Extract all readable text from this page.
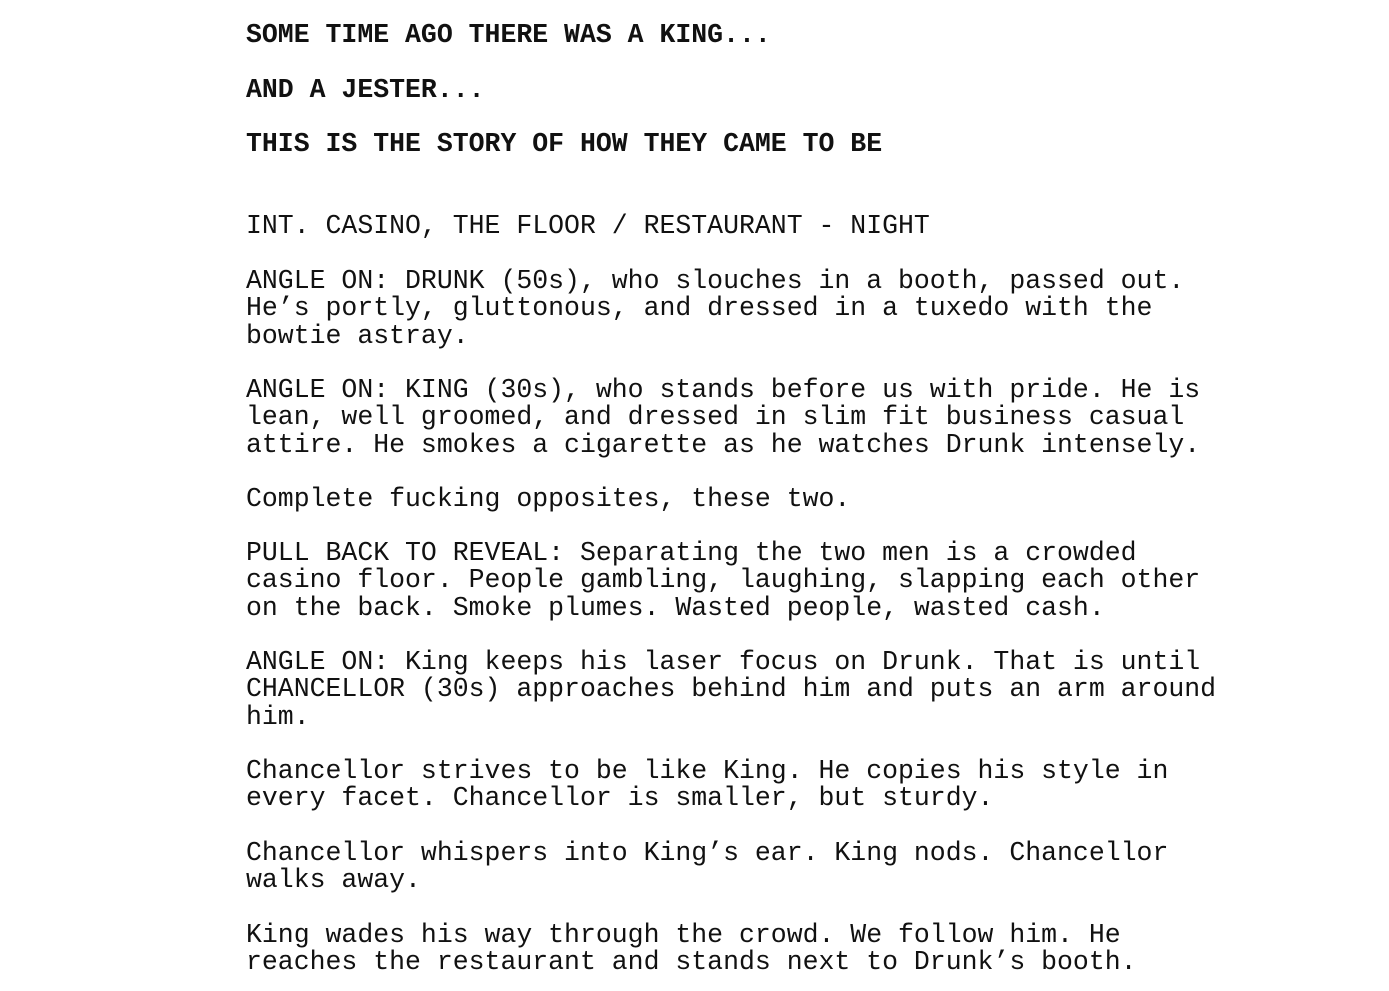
SOME TIME AGO THERE WAS A KING...

AND A JESTER...

THIS IS THE STORY OF HOW THEY CAME TO BE

INT. CASINO, THE FLOOR / RESTAURANT - NIGHT

ANGLE ON: DRUNK (50s), who slouches in a booth, passed out.

He’s portly, gluttonous, and dressed in a tuxedo with the

bowtie astray.

ANGLE ON: KING (30s), who stands before us with pride. He is

lean, well groomed, and dressed in slim fit business casual

attire. He smokes a cigarette as he watches Drunk intensely.

Complete fucking opposites, these two.

PULL BACK TO REVEAL: Separating the two men is a crowded

casino floor. People gambling, laughing, slapping each other

on the back. Smoke plumes. Wasted people, wasted cash.

ANGLE ON: King keeps his laser focus on Drunk. That is until

CHANCELLOR (30s) approaches behind him and puts an arm around

him.

Chancellor strives to be like King. He copies his style in

every facet. Chancellor is smaller, but sturdy.

Chancellor whispers into King’s ear. King nods. Chancellor

walks away.

King wades his way through the crowd. We follow him. He

reaches the restaurant and stands next to Drunk’s booth.
